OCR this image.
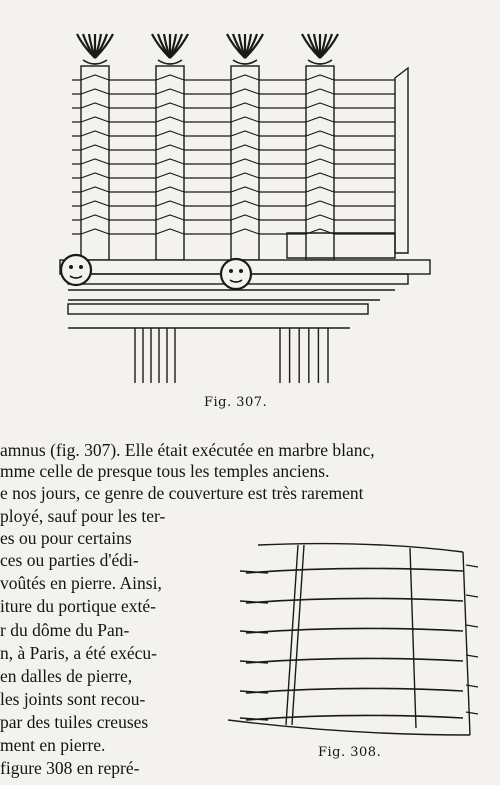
Fig. 307.
amnus (fig. 307). Elle était exécutée en marbre blanc,
mme celle de presque tous les temples anciens.
e nos jours, ce genre de couverture est très rarement
ployé, sauf pour les ter-
es ou pour certains
ces ou parties d'édi-
voûtés en pierre. Ainsi,
iture du portique exté-
r du dôme du Pan-
n, à Paris, a été exécu-
en dalles de pierre,
les joints sont recou-
par des tuiles creuses
ment en pierre.
figure 308 en repré-
Fig. 308.
